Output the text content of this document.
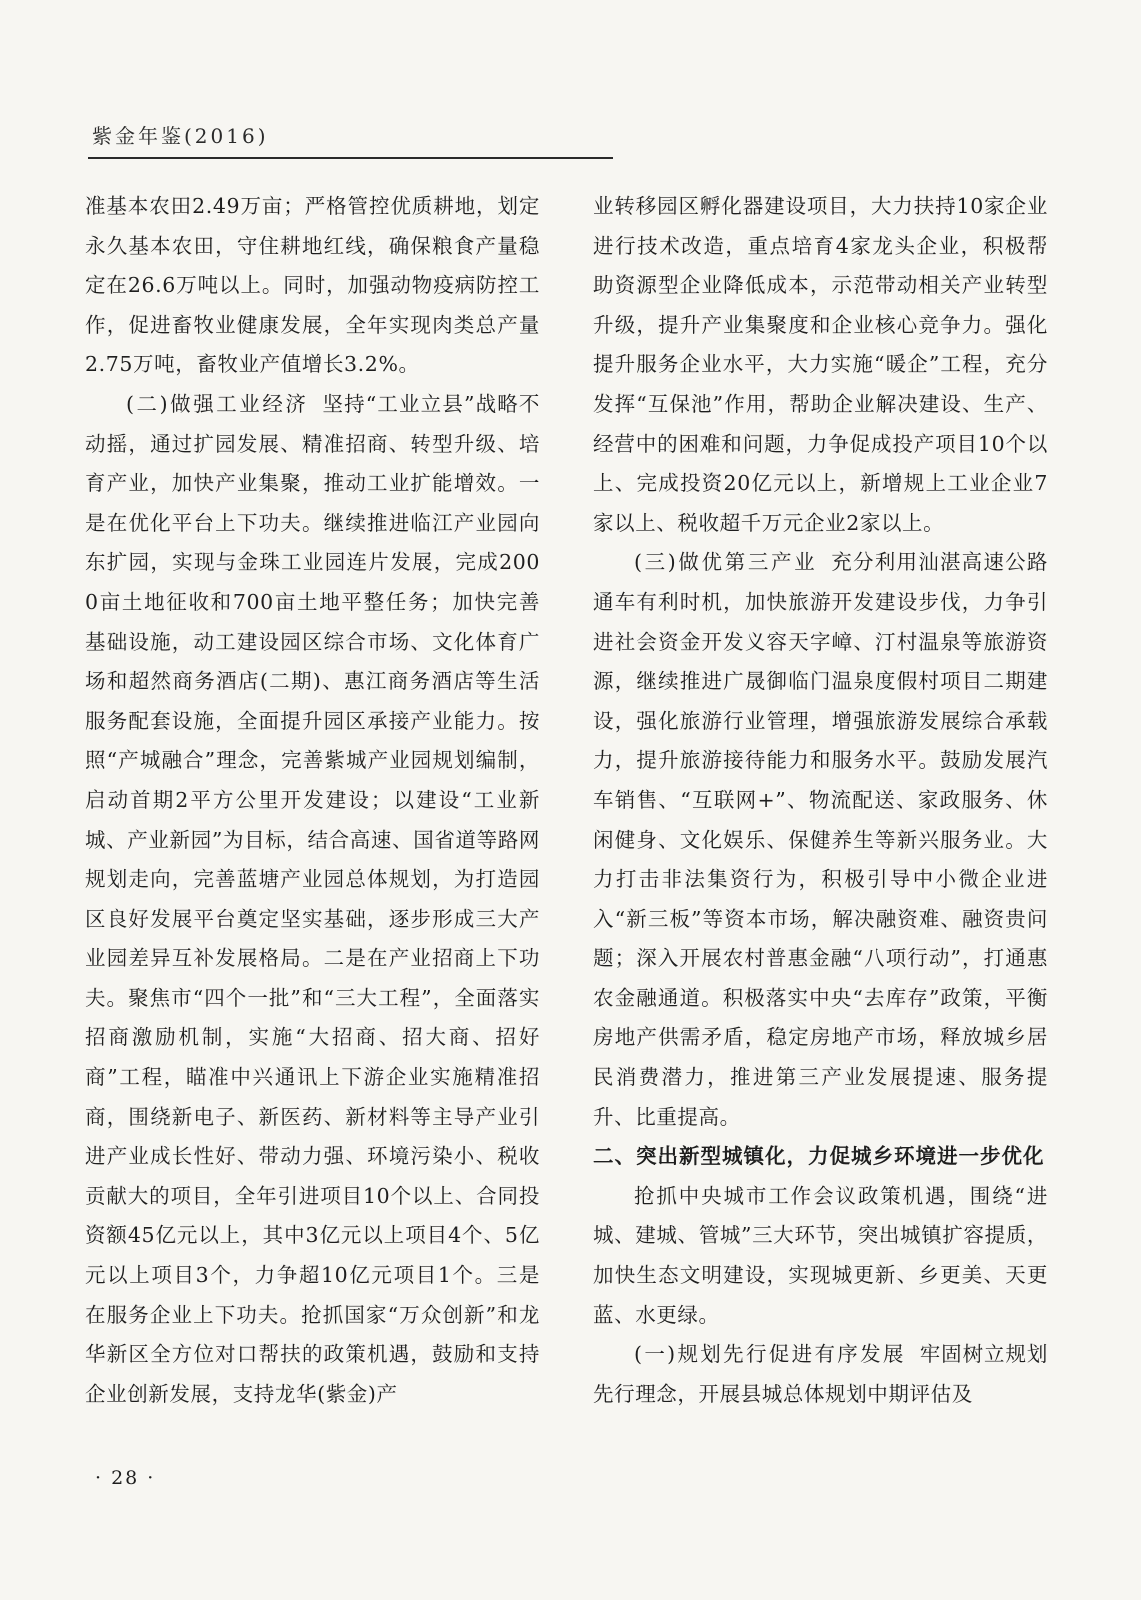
紫金年鉴(2016)

准基本农田2.49万亩；严格管控优质耕地，划定永久基本农田，守住耕地红线，确保粮食产量稳定在26.6万吨以上。同时，加强动物疫病防控工作，促进畜牧业健康发展，全年实现肉类总产量2.75万吨，畜牧业产值增长3.2%。

(二)做强工业经济 坚持“工业立县”战略不动摇，通过扩园发展、精准招商、转型升级、培育产业，加快产业集聚，推动工业扩能增效。一是在优化平台上下功夫。继续推进临江产业园向东扩园，实现与金珠工业园连片发展，完成2000亩土地征收和700亩土地平整任务；加快完善基础设施，动工建设园区综合市场、文化体育广场和超然商务酒店(二期)、惠江商务酒店等生活服务配套设施，全面提升园区承接产业能力。按照“产城融合”理念，完善紫城产业园规划编制，启动首期2平方公里开发建设；以建设“工业新城、产业新园”为目标，结合高速、国省道等路网规划走向，完善蓝塘产业园总体规划，为打造园区良好发展平台奠定坚实基础，逐步形成三大产业园差异互补发展格局。二是在产业招商上下功夫。聚焦市“四个一批”和“三大工程”，全面落实招商激励机制，实施“大招商、招大商、招好商”工程，瞄准中兴通讯上下游企业实施精准招商，围绕新电子、新医药、新材料等主导产业引进产业成长性好、带动力强、环境污染小、税收贡献大的项目，全年引进项目10个以上、合同投资额45亿元以上，其中3亿元以上项目4个、5亿元以上项目3个，力争超10亿元项目1个。三是在服务企业上下功夫。抢抓国家“万众创新”和龙华新区全方位对口帮扶的政策机遇，鼓励和支持企业创新发展，支持龙华(紫金)产

业转移园区孵化器建设项目，大力扶持10家企业进行技术改造，重点培育4家龙头企业，积极帮助资源型企业降低成本，示范带动相关产业转型升级，提升产业集聚度和企业核心竞争力。强化提升服务企业水平，大力实施“暖企”工程，充分发挥“互保池”作用，帮助企业解决建设、生产、经营中的困难和问题，力争促成投产项目10个以上、完成投资20亿元以上，新增规上工业企业7家以上、税收超千万元企业2家以上。

(三)做优第三产业 充分利用汕湛高速公路通车有利时机，加快旅游开发建设步伐，力争引进社会资金开发义容天字嶂、汀村温泉等旅游资源，继续推进广晟御临门温泉度假村项目二期建设，强化旅游行业管理，增强旅游发展综合承载力，提升旅游接待能力和服务水平。鼓励发展汽车销售、“互联网+”、物流配送、家政服务、休闲健身、文化娱乐、保健养生等新兴服务业。大力打击非法集资行为，积极引导中小微企业进入“新三板”等资本市场，解决融资难、融资贵问题；深入开展农村普惠金融“八项行动”，打通惠农金融通道。积极落实中央“去库存”政策，平衡房地产供需矛盾，稳定房地产市场，释放城乡居民消费潜力，推进第三产业发展提速、服务提升、比重提高。

二、突出新型城镇化，力促城乡环境进一步优化

抢抓中央城市工作会议政策机遇，围绕“进城、建城、管城”三大环节，突出城镇扩容提质，加快生态文明建设，实现城更新、乡更美、天更蓝、水更绿。

(一)规划先行促进有序发展 牢固树立规划先行理念，开展县城总体规划中期评估及

· 28 ·
